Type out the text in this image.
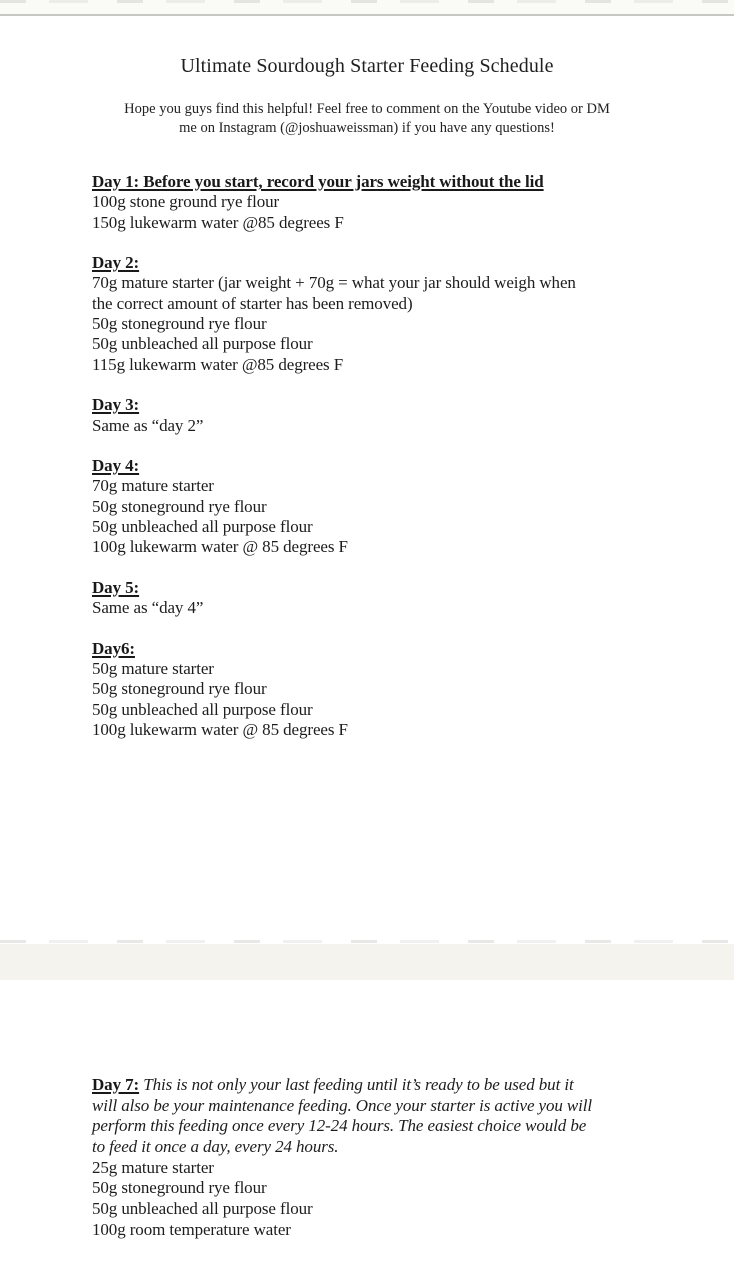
Ultimate Sourdough Starter Feeding Schedule

Hope you guys find this helpful! Feel free to comment on the Youtube video or DM
me on Instagram (@joshuaweissman) if you have any questions!

Day 1: Before you start, record your jars weight without the lid
100g stone ground rye flour
150g lukewarm water @85 degrees F
Day 2:
70g mature starter (jar weight + 70g = what your jar should weigh when
the correct amount of starter has been removed)
50g stoneground rye flour
50g unbleached all purpose flour
115g lukewarm water @85 degrees F
Day 3:
Same as “day 2”
Day 4:
70g mature starter
50g stoneground rye flour
50g unbleached all purpose flour
100g lukewarm water @ 85 degrees F
Day 5:
Same as “day 4”
Day6:
50g mature starter
50g stoneground rye flour
50g unbleached all purpose flour
100g lukewarm water @ 85 degrees F
Day 7: This is not only your last feeding until it’s ready to be used but it
will also be your maintenance feeding. Once your starter is active you will
perform this feeding once every 12-24 hours. The easiest choice would be
to feed it once a day, every 24 hours.
25g mature starter
50g stoneground rye flour
50g unbleached all purpose flour
100g room temperature water
